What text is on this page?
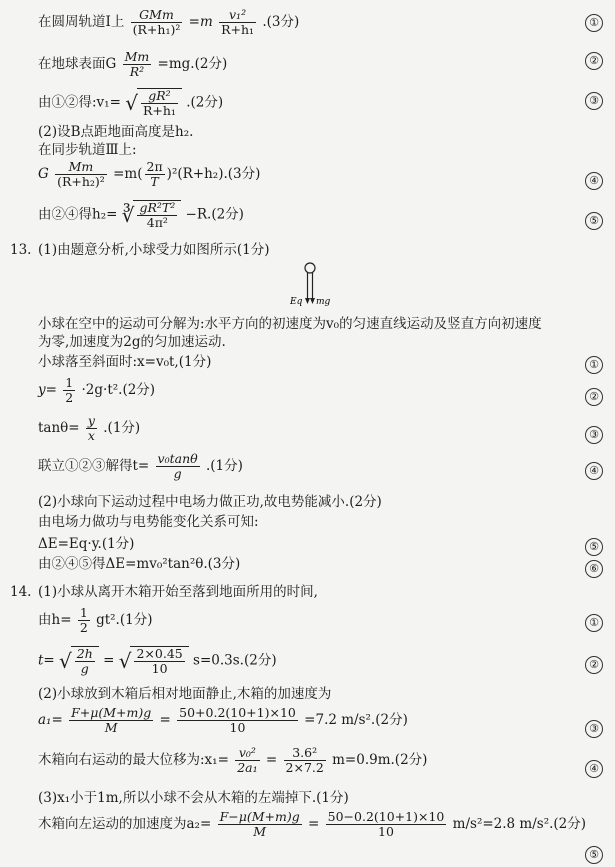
在圆周轨道Ⅰ上 $\frac{\text{GMm}}{\text{(R+h₁)²}} =m \frac{\text{v₁²}}{\text{R+h₁}} .(3$分)	①
在地球表面G $\frac{Mm}{\text{R²}} =mg.(2$分)	②
由①②得:v₁= √ $\frac{\text{gR²}}{\text{R+h₁}} .(2$分)	③
(2)设B点距地面高度是h₂.
在同步轨道Ⅲ上:
G $\frac{Mm}{\text{(R+h₂)²}} =m( \frac{2\pi}{T} )^2(R+h_2).(3$分)	④
由②④得h₂= ∛ $\frac{\text{gR²T²}}{\text{4π²}} -R.(2$分)	⑤
13. (1)由题意分析,小球受力如图所示(1分)
Eq mg
小球在空中的运动可分解为:水平方向的初速度为v₀的匀速直线运动及竖直方向初速度
为零,加速度为2g的匀加速运动.
小球落至斜面时:x=v₀t,(1分)	①
$y= \frac{1}{2} \cdot 2g\cdot t^2.(2$分)	②
$\tan\theta= \frac{y}{x} .(1$分)	③
联立①②③解得$t= \frac{\text{v₀tanθ}}{g} .(1$分)	④
(2)小球向下运动过程中电场力做正功,故电势能减小.(2分)
由电场力做功与电势能变化关系可知:
ΔE=Eq·y.(1分)	⑤
由②④⑤得ΔE=mv₀²tan²θ.(3分)	⑥
14. (1)小球从离开木箱开始至落到地面所用的时间,
由$h= \frac{1}{2} gt^2.(1$分)	①
t= √ $\frac{2h}{g}$ = √ $\frac{2\times 0.45}{10} s=0.3s.(2$分)	②
(2)小球放到木箱后相对地面静止,木箱的加速度为
$a_1= \frac{F+\mu(M+m)g}{M} = \frac{50+0.2(10+1)\times 10}{10} =7.2$ m/s².(2分)
③
木箱向右运动的最大位移为:x₁= $\frac{\text{v₀²}}{\text{2a₁}} = \frac{\text{3.6²}}{2\times 7.2} m=0.9m.(2$分)
④
(3)x₁小于1m,所以小球不会从木箱的左端掉下.(1分)
木箱向左运动的加速度为$a_2= \frac{F-\mu(M+m)g}{M} = \frac{50-0.2(10+1)\times 10}{10} m/s^2=2.8$ m/s².(2分)
⑤
